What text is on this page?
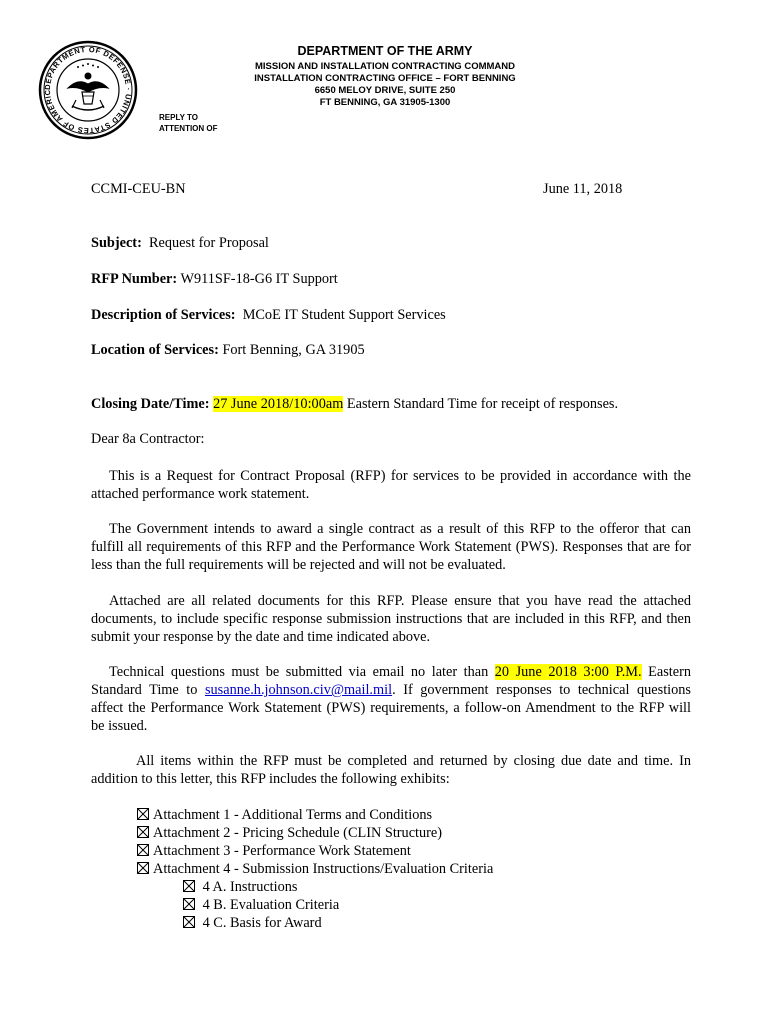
DEPARTMENT OF DEFENSE · UNITED STATES OF AMERIC
DEPARTMENT OF THE ARMY
MISSION AND INSTALLATION CONTRACTING COMMAND
INSTALLATION CONTRACTING OFFICE – FORT BENNING
6650 MELOY DRIVE, SUITE 250
FT BENNING, GA 31905-1300
REPLY TO
ATTENTION OF
CCMI-CEU-BN	June 11, 2018
Subject: Request for Proposal
RFP Number: W911SF-18-G6 IT Support
Description of Services: MCoE IT Student Support Services
Location of Services: Fort Benning, GA 31905
Closing Date/Time: 27 June 2018/10:00am Eastern Standard Time for receipt of responses.
Dear 8a Contractor:
This is a Request for Contract Proposal (RFP) for services to be provided in accordance with the attached performance work statement.
The Government intends to award a single contract as a result of this RFP to the offeror that can fulfill all requirements of this RFP and the Performance Work Statement (PWS). Responses that are for less than the full requirements will be rejected and will not be evaluated.
Attached are all related documents for this RFP. Please ensure that you have read the attached documents, to include specific response submission instructions that are included in this RFP, and then submit your response by the date and time indicated above.
Technical questions must be submitted via email no later than 20 June 2018 3:00 P.M. Eastern Standard Time to susanne.h.johnson.civ@mail.mil. If government responses to technical questions affect the Performance Work Statement (PWS) requirements, a follow-on Amendment to the RFP will be issued.
All items within the RFP must be completed and returned by closing due date and time. In addition to this letter, this RFP includes the following exhibits:
Attachment 1 - Additional Terms and Conditions
Attachment 2 - Pricing Schedule (CLIN Structure)
Attachment 3 - Performance Work Statement
Attachment 4 - Submission Instructions/Evaluation Criteria
4 A. Instructions
4 B. Evaluation Criteria
4 C. Basis for Award
